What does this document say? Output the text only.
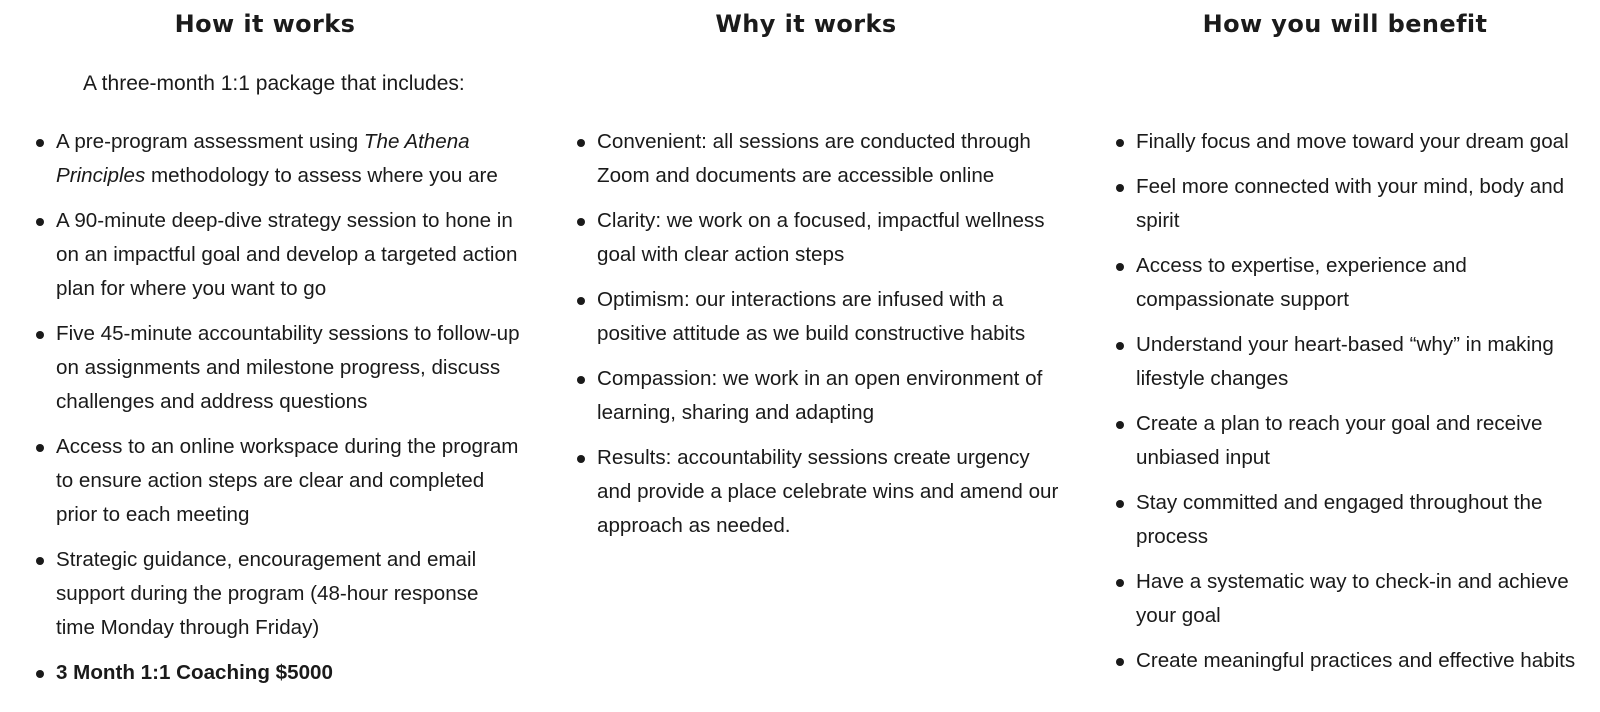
How it works

A three-month 1:1 package that includes:

A pre-program assessment using The Athena Principles methodology to assess where you are
A 90-minute deep-dive strategy session to hone in on an impactful goal and develop a targeted action plan for where you want to go
Five 45-minute accountability sessions to follow-up on assignments and milestone progress, discuss challenges and address questions
Access to an online workspace during the program to ensure action steps are clear and completed prior to each meeting
Strategic guidance, encouragement and email support during the program (48-hour response time Monday through Friday)
3 Month 1:1 Coaching $5000
Why it works
Convenient: all sessions are conducted through Zoom and documents are accessible online
Clarity: we work on a focused, impactful wellness goal with clear action steps
Optimism: our interactions are infused with a positive attitude as we build constructive habits
Compassion: we work in an open environment of learning, sharing and adapting
Results: accountability sessions create urgency and provide a place celebrate wins and amend our approach as needed.
How you will benefit
Finally focus and move toward your dream goal
Feel more connected with your mind, body and spirit
Access to expertise, experience and compassionate support
Understand your heart-based “why” in making lifestyle changes
Create a plan to reach your goal and receive unbiased input
Stay committed and engaged throughout the process
Have a systematic way to check-in and achieve your goal
Create meaningful practices and effective habits
